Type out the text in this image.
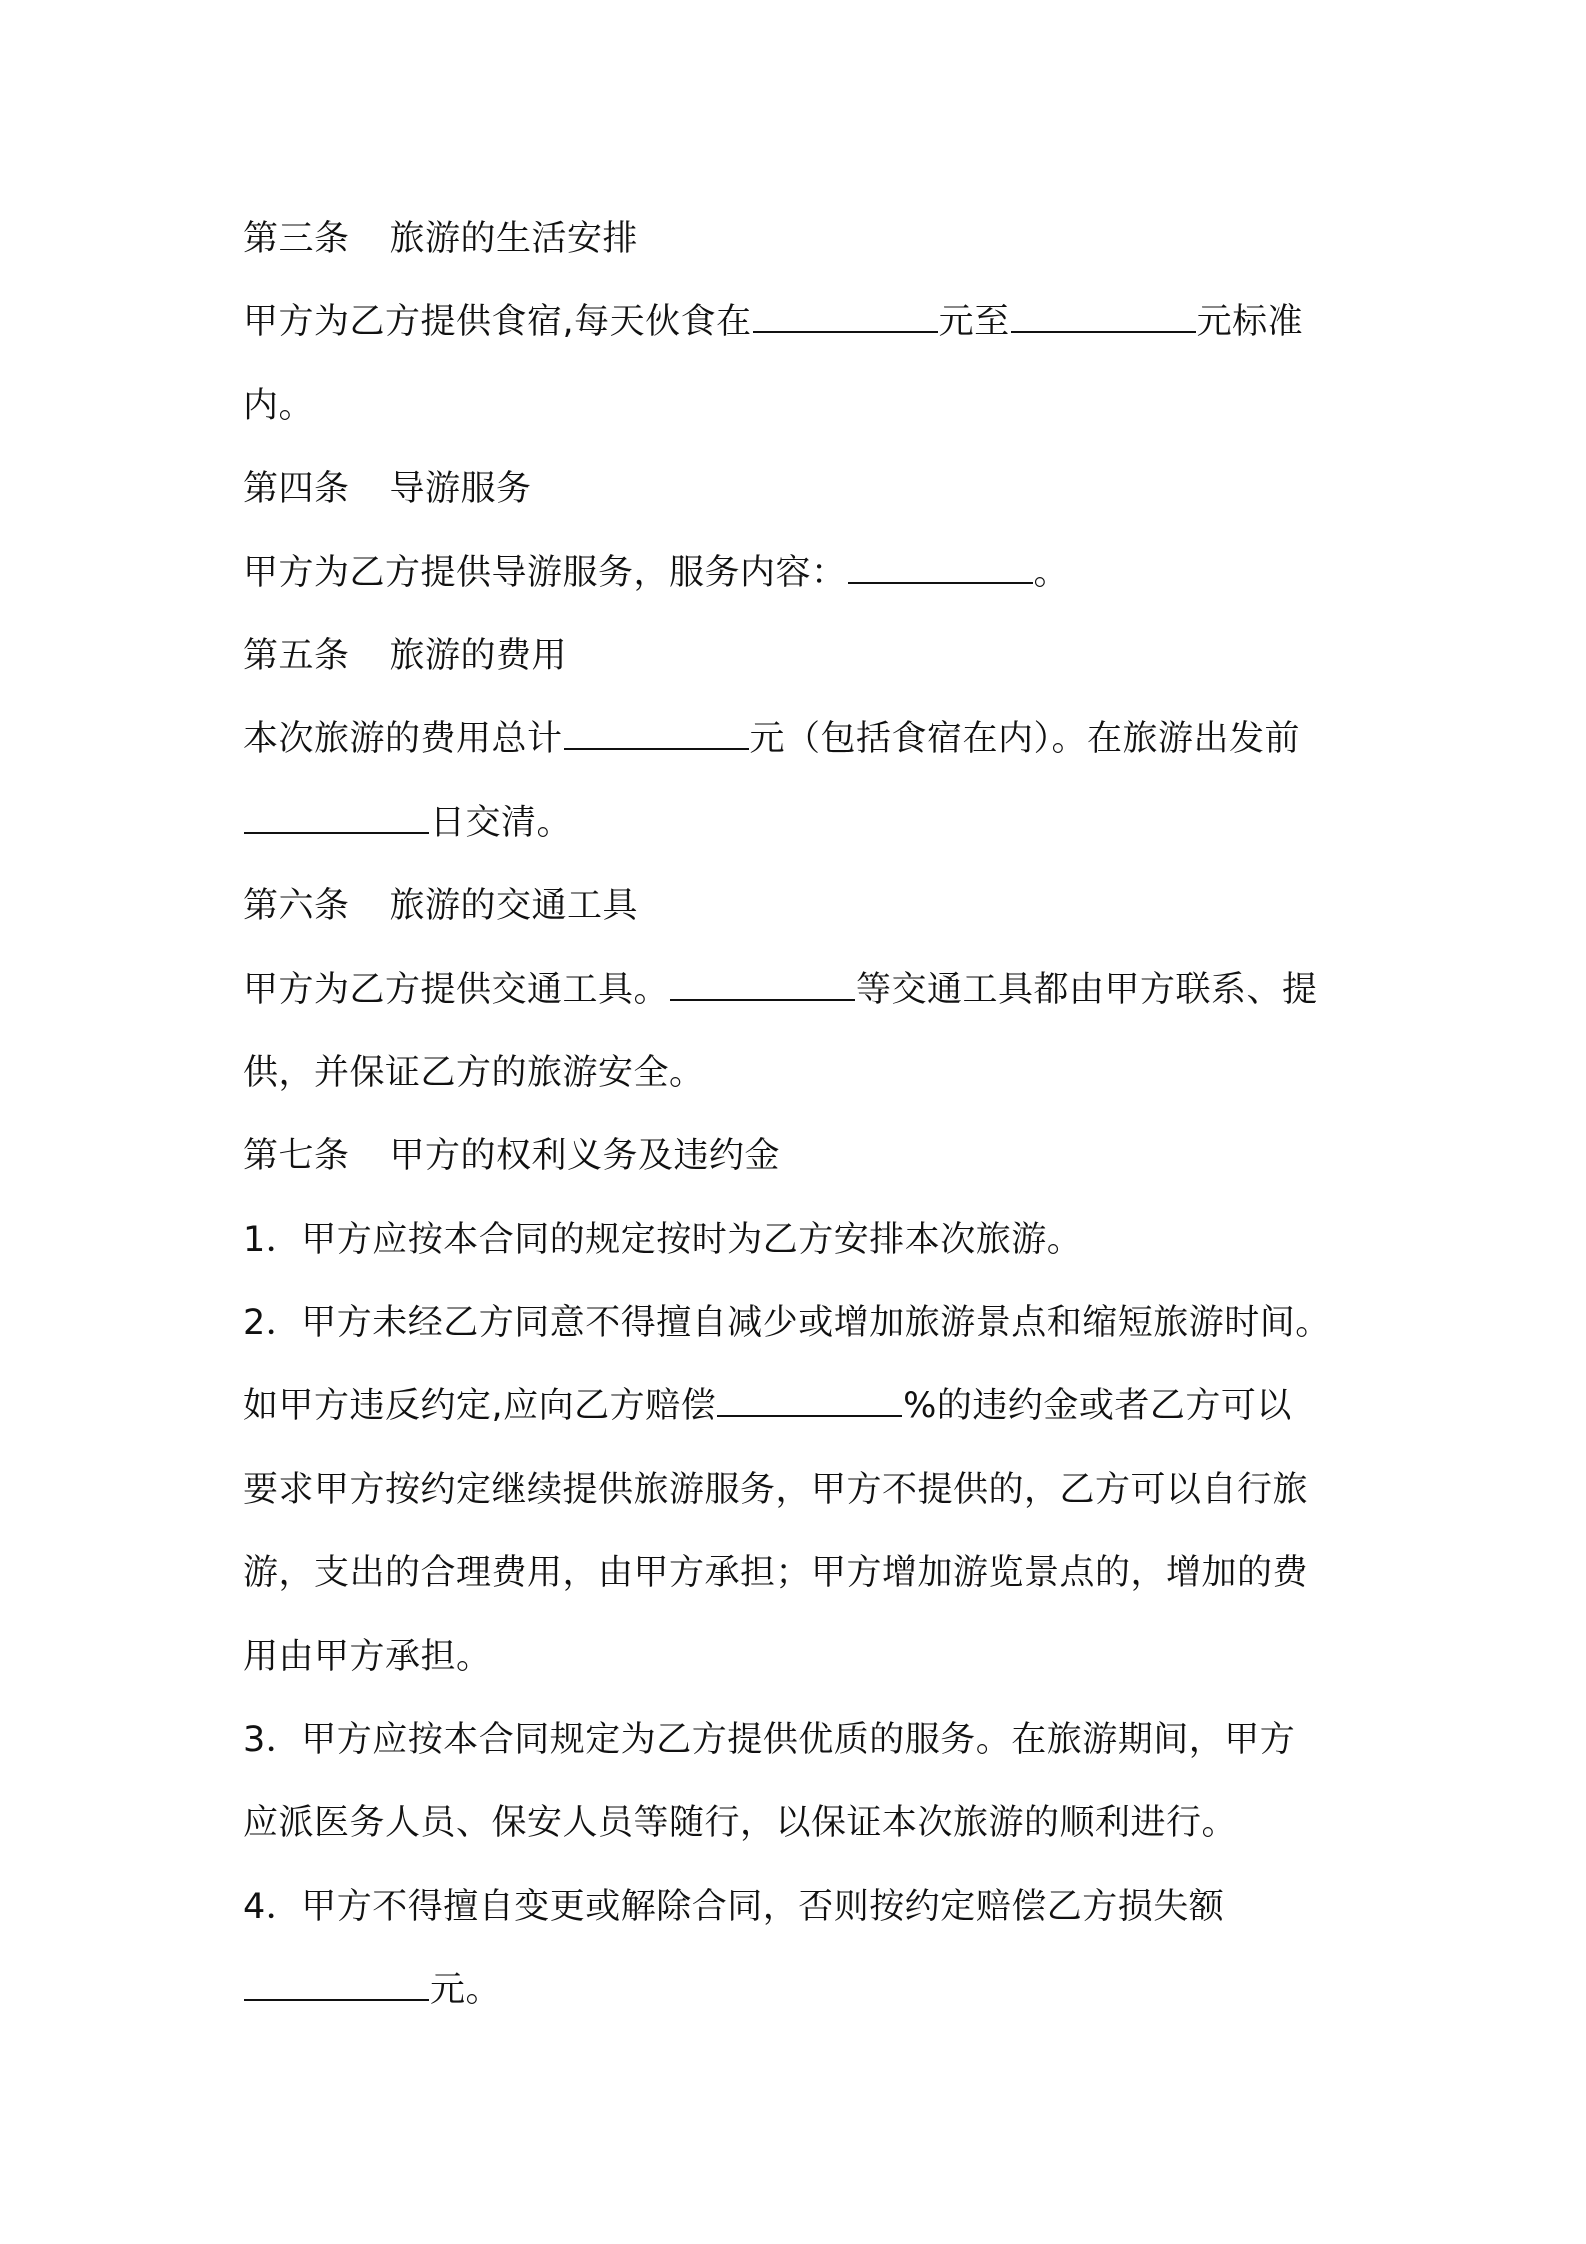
第三条 旅游的生活安排
甲方为乙方提供食宿,每天伙食在	元至	元标准
内。
第四条 导游服务
甲方为乙方提供导游服务，服务内容：	。
第五条 旅游的费用
本次旅游的费用总计	元（包括食宿在内）。在旅游出发前
日交清。
第六条 旅游的交通工具
甲方为乙方提供交通工具。	等交通工具都由甲方联系、提
供，并保证乙方的旅游安全。
第七条 甲方的权利义务及违约金
1．甲方应按本合同的规定按时为乙方安排本次旅游。
2．甲方未经乙方同意不得擅自减少或增加旅游景点和缩短旅游时间。
如甲方违反约定,应向乙方赔偿	%的违约金或者乙方可以
要求甲方按约定继续提供旅游服务，甲方不提供的，乙方可以自行旅
游，支出的合理费用，由甲方承担；甲方增加游览景点的，增加的费
用由甲方承担。
3．甲方应按本合同规定为乙方提供优质的服务。在旅游期间，甲方
应派医务人员、保安人员等随行，以保证本次旅游的顺利进行。
4．甲方不得擅自变更或解除合同，否则按约定赔偿乙方损失额
元。
